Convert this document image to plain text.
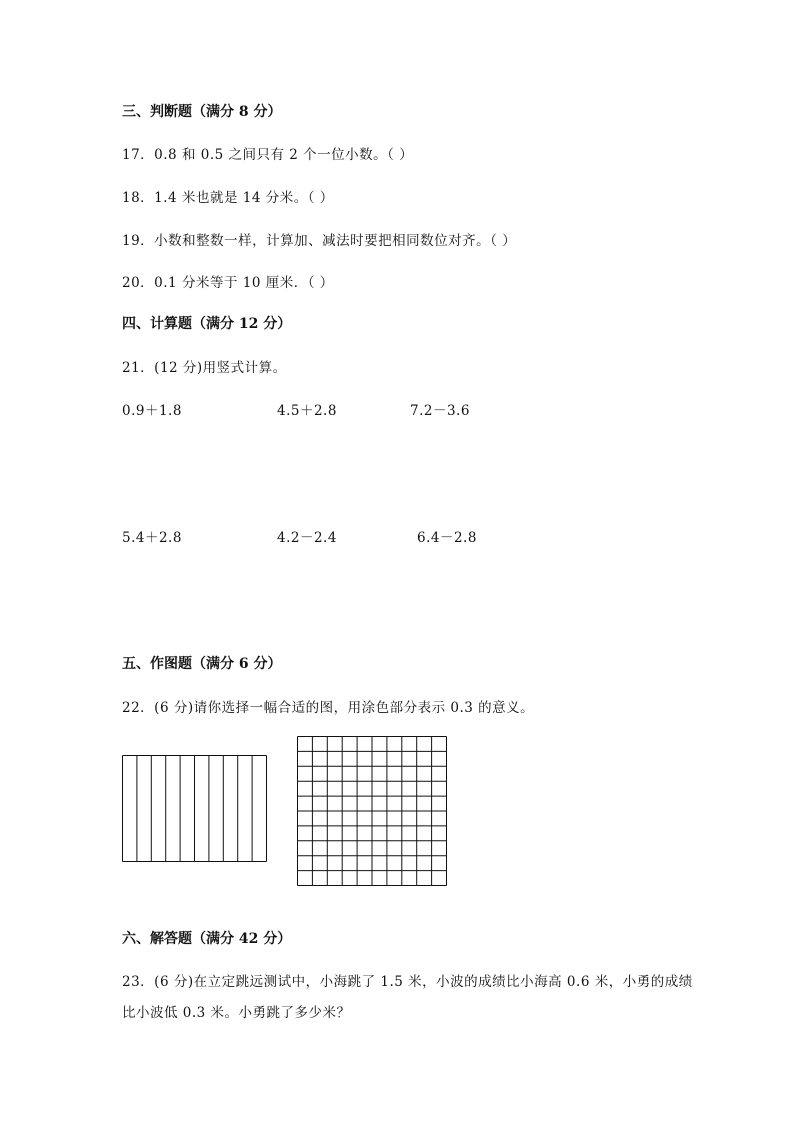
三、判断题（满分 8 分）
17．0.8 和 0.5 之间只有 2 个一位小数。（ ）
18．1.4 米也就是 14 分米。（ ）
19．小数和整数一样，计算加、减法时要把相同数位对齐。（ ）
20．0.1 分米等于 10 厘米．（ ）
四、计算题（满分 12 分）
21．(12 分)用竖式计算。
0.9＋1.8	4.5＋2.8	7.2－3.6
5.4＋2.8	4.2－2.4	6.4－2.8
五、作图题（满分 6 分）
22．(6 分)请你选择一幅合适的图，用涂色部分表示 0.3 的意义。
六、解答题（满分 42 分）
23．(6 分)在立定跳远测试中，小海跳了 1.5 米，小波的成绩比小海高 0.6 米，小勇的成绩
比小波低 0.3 米。小勇跳了多少米？
